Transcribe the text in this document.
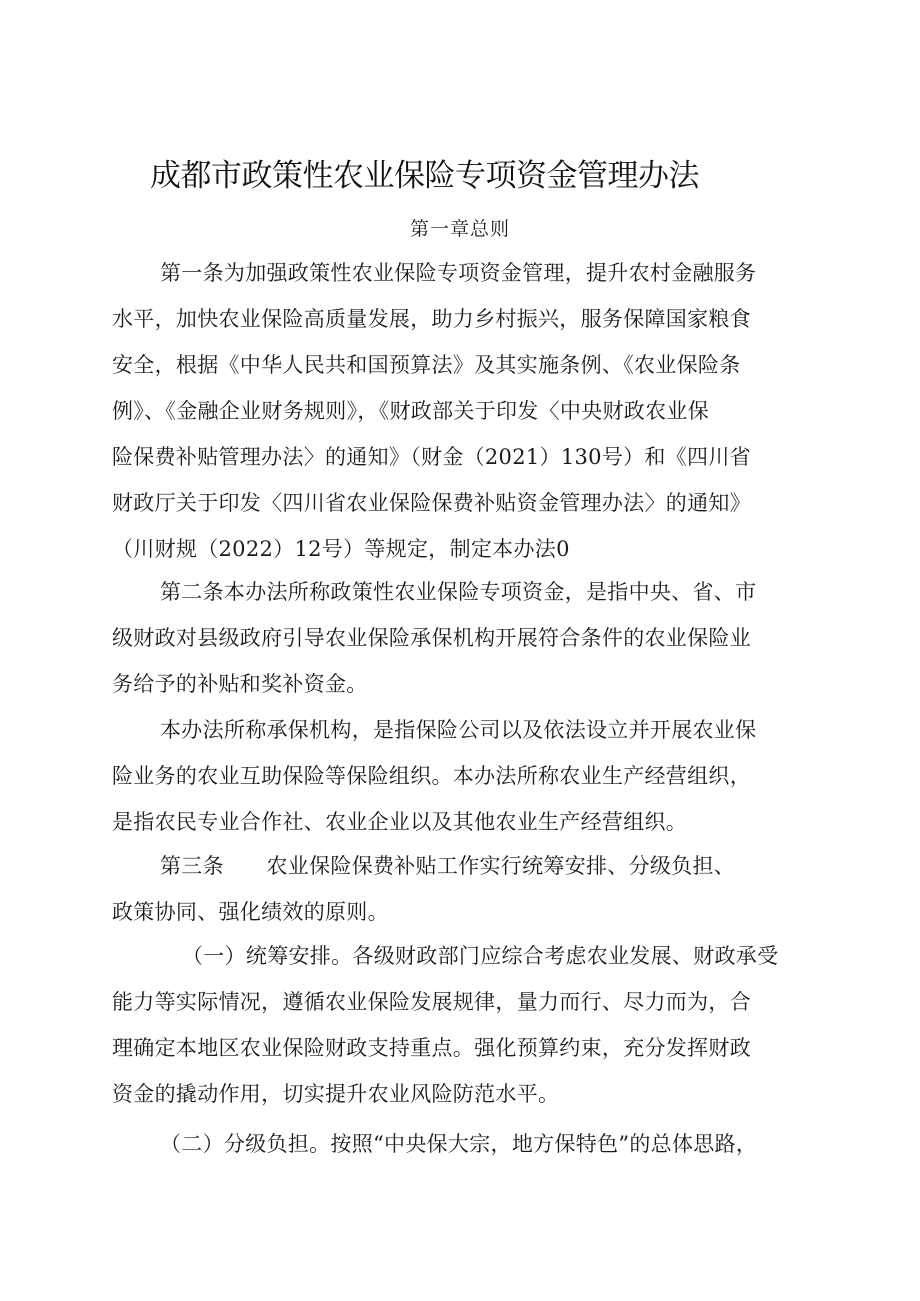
成都市政策性农业保险专项资金管理办法
第一章总则
第一条为加强政策性农业保险专项资金管理，提升农村金融服务
水平，加快农业保险高质量发展，助力乡村振兴，服务保障国家粮食
安全，根据《中华人民共和国预算法》及其实施条例、《农业保险条
例》、《金融企业财务规则》，《财政部关于印发〈中央财政农业保
险保费补贴管理办法〉的通知》（财金（2021）130号）和《四川省
财政厅关于印发〈四川省农业保险保费补贴资金管理办法〉的通知》
（川财规（2022）12号）等规定，制定本办法0
第二条本办法所称政策性农业保险专项资金，是指中央、省、市
级财政对县级政府引导农业保险承保机构开展符合条件的农业保险业
务给予的补贴和奖补资金。
本办法所称承保机构，是指保险公司以及依法设立并开展农业保
险业务的农业互助保险等保险组织。本办法所称农业生产经营组织，
是指农民专业合作社、农业企业以及其他农业生产经营组织。
第三条　　农业保险保费补贴工作实行统筹安排、分级负担、
政策协同、强化绩效的原则。
（一）统筹安排。各级财政部门应综合考虑农业发展、财政承受
能力等实际情况，遵循农业保险发展规律，量力而行、尽力而为，合
理确定本地区农业保险财政支持重点。强化预算约束，充分发挥财政
资金的撬动作用，切实提升农业风险防范水平。
（二）分级负担。按照“中央保大宗，地方保特色”的总体思路，
